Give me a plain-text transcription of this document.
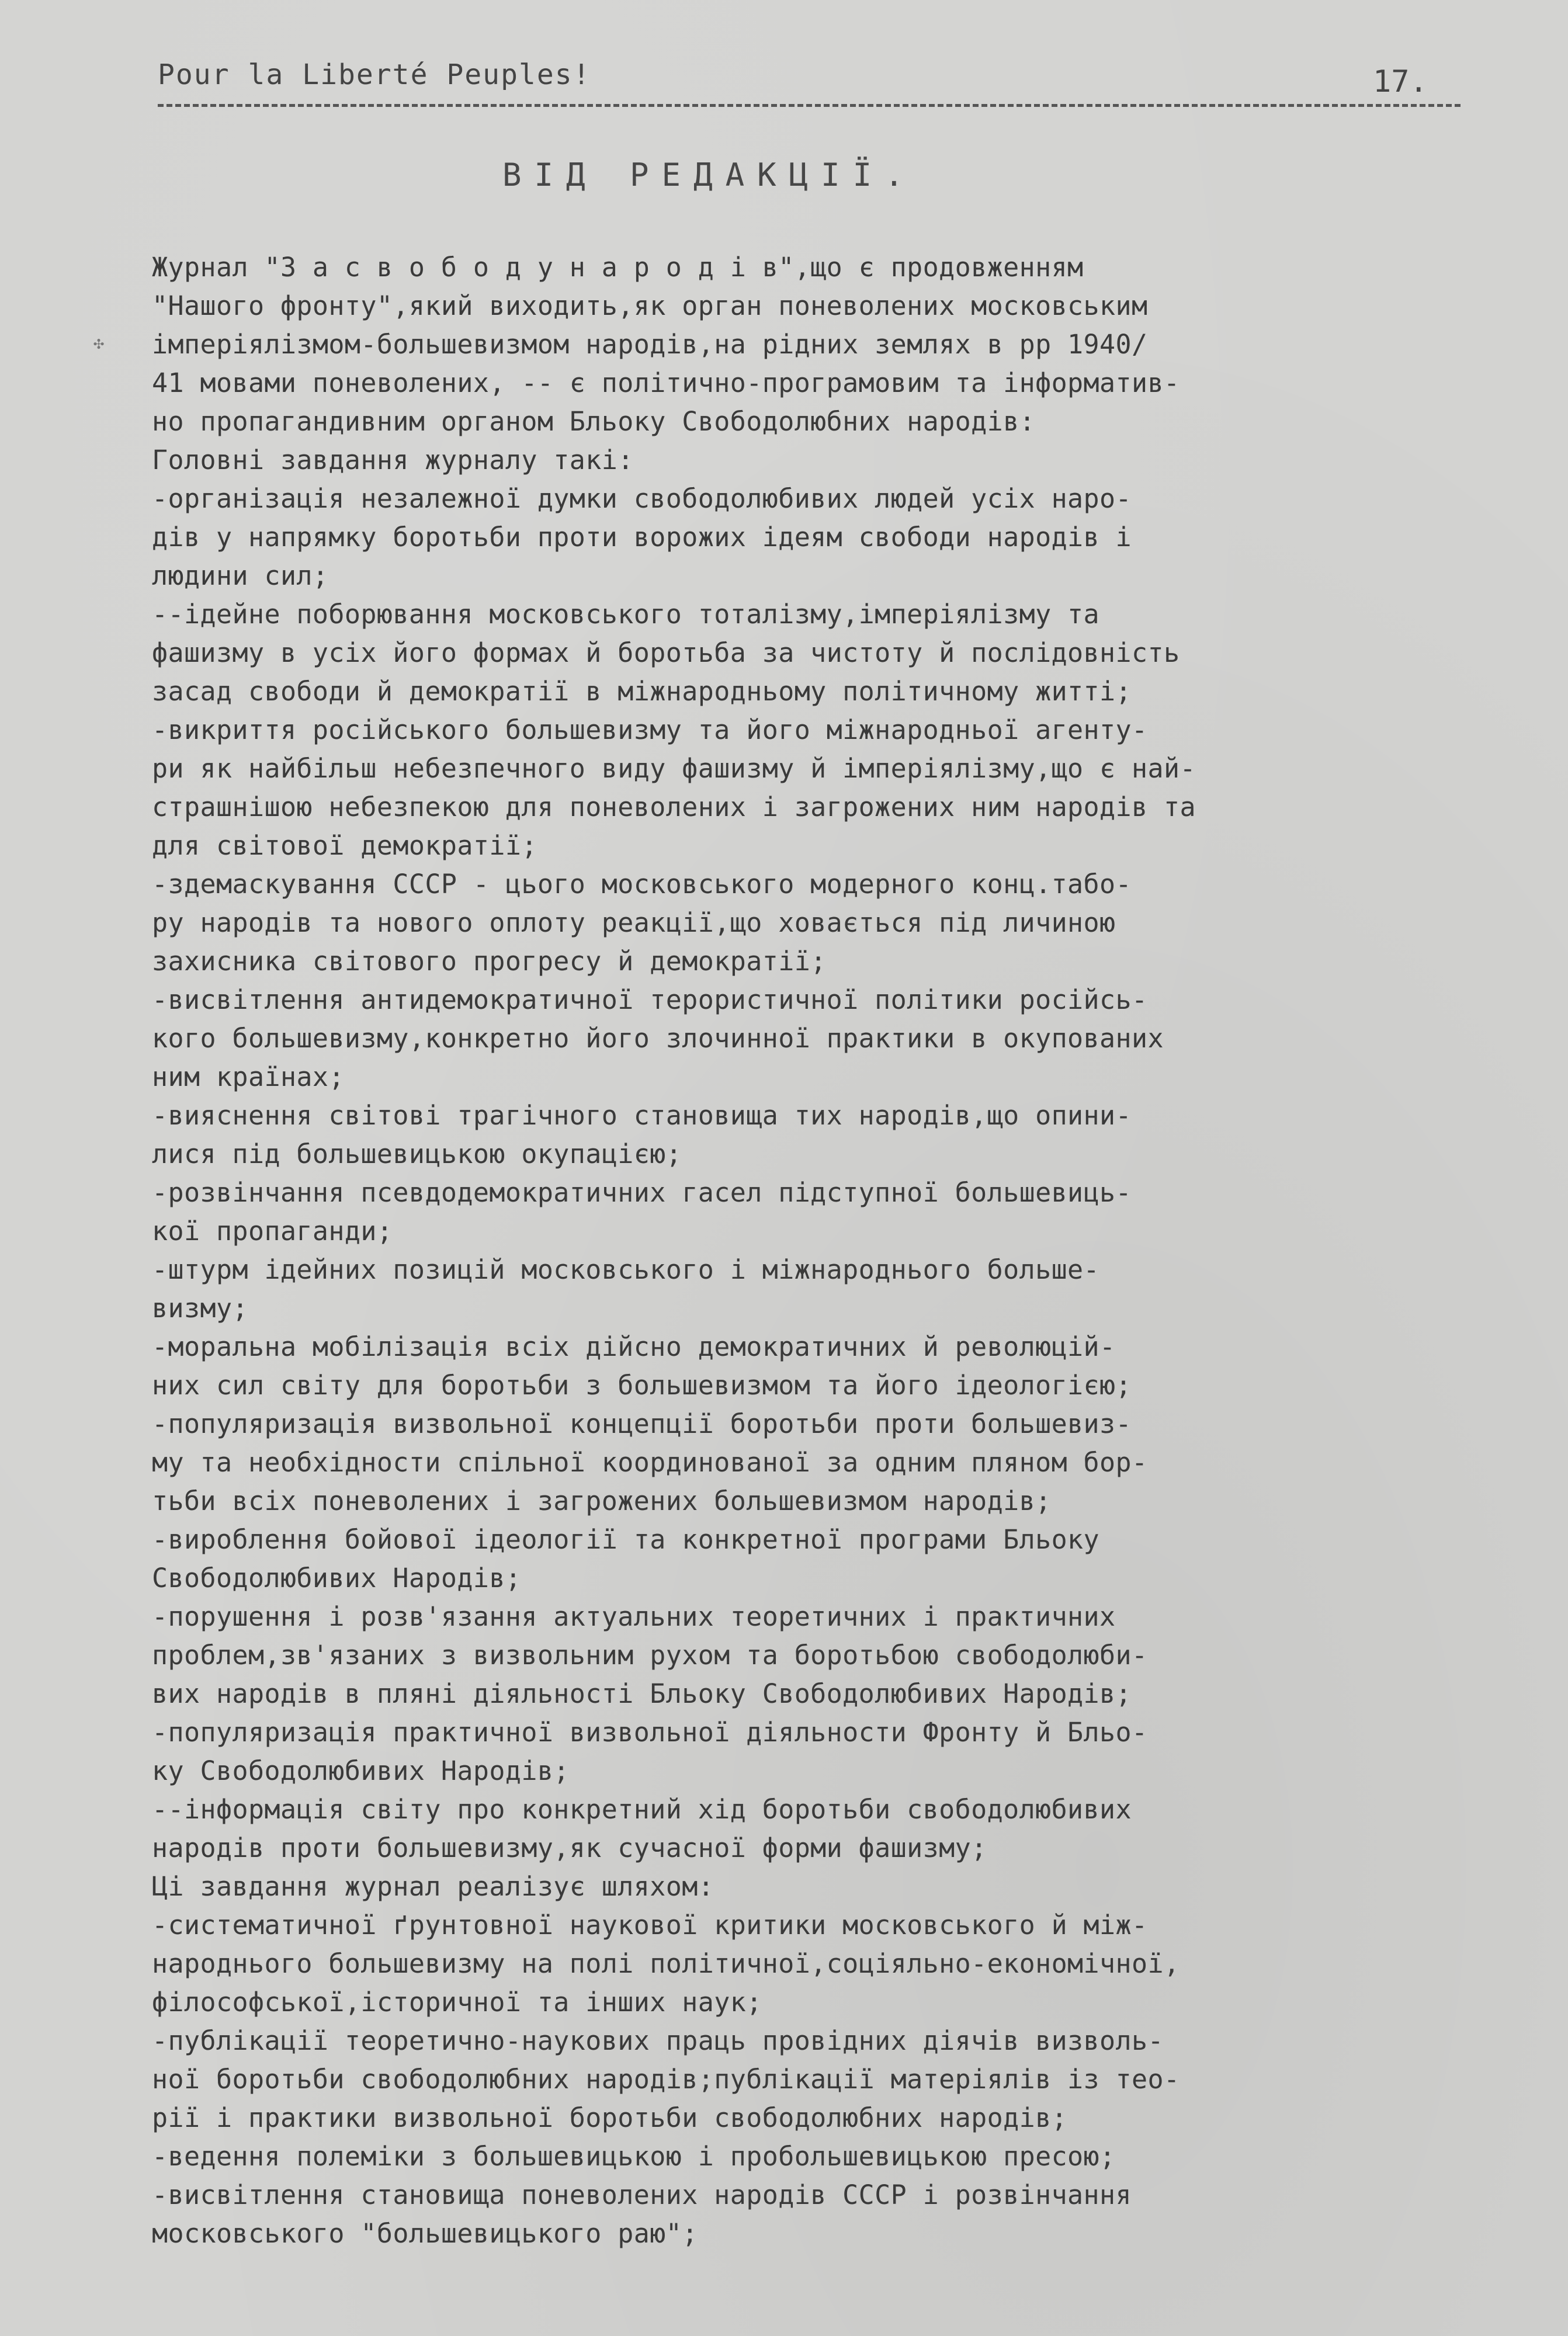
Pour la Liberté Peuples!	17.
✣
ВІД РЕДАКЦІЇ.
Журнал "З а с в о б о д у н а р о д і в",що є продовженням
"Нашого фронту",який виходить,як орган поневолених московським
імперіялізмом-большевизмом народів,на рідних землях в рр 1940/
41 мовами поневолених, -- є політично-програмовим та інформатив-
но пропагандивним органом Бльоку Свободолюбних народів:
Головні завдання журналу такі:
-організація незалежної думки свободолюбивих людей усіх наро-
дів у напрямку боротьби проти ворожих ідеям свободи народів і
людини сил;
--ідейне поборювання московського тоталізму,імперіялізму та
фашизму в усіх його формах й боротьба за чистоту й послідовність
засад свободи й демократії в міжнародньому політичному житті;
-викриття російського большевизму та його міжнародньої агенту-
ри як найбільш небезпечного виду фашизму й імперіялізму,що є най-
страшнішою небезпекою для поневолених і загрожених ним народів та
для світової демократії;
-здемаскування СССР - цього московського модерного конц.табо-
ру народів та нового оплоту реакції,що ховається під личиною
захисника світового прогресу й демократії;
-висвітлення антидемократичної терористичної політики російсь-
кого большевизму,конкретно його злочинної практики в окупованих
ним країнах;
-вияснення світові трагічного становища тих народів,що опини-
лися під большевицькою окупацією;
-розвінчання псевдодемократичних гасел підступної большевиць-
кої пропаганди;
-штурм ідейних позицій московського і міжнароднього больше-
визму;
-моральна мобілізація всіх дійсно демократичних й революцій-
них сил світу для боротьби з большевизмом та його ідеологією;
-популяризація визвольної концепції боротьби проти большевиз-
му та необхідности спільної координованої за одним пляном бор-
тьби всіх поневолених і загрожених большевизмом народів;
-вироблення бойової ідеології та конкретної програми Бльоку
Свободолюбивих Народів;
-порушення і розв'язання актуальних теоретичних і практичних
проблем,зв'язаних з визвольним рухом та боротьбою свободолюби-
вих народів в пляні діяльності Бльоку Свободолюбивих Народів;
-популяризація практичної визвольної діяльности Фронту й Бльо-
ку Свободолюбивих Народів;
--інформація світу про конкретний хід боротьби свободолюбивих
народів проти большевизму,як сучасної форми фашизму;
Ці завдання журнал реалізує шляхом:
-систематичної ґрунтовної наукової критики московського й між-
народнього большевизму на полі політичної,соціяльно-економічної,
філософської,історичної та інших наук;
-публікації теоретично-наукових праць провідних діячів визволь-
ної боротьби свободолюбних народів;публікації матеріялів із тео-
рії і практики визвольної боротьби свободолюбних народів;
-ведення полеміки з большевицькою і пробольшевицькою пресою;
-висвітлення становища поневолених народів СССР і розвінчання
московського "большевицького раю";
